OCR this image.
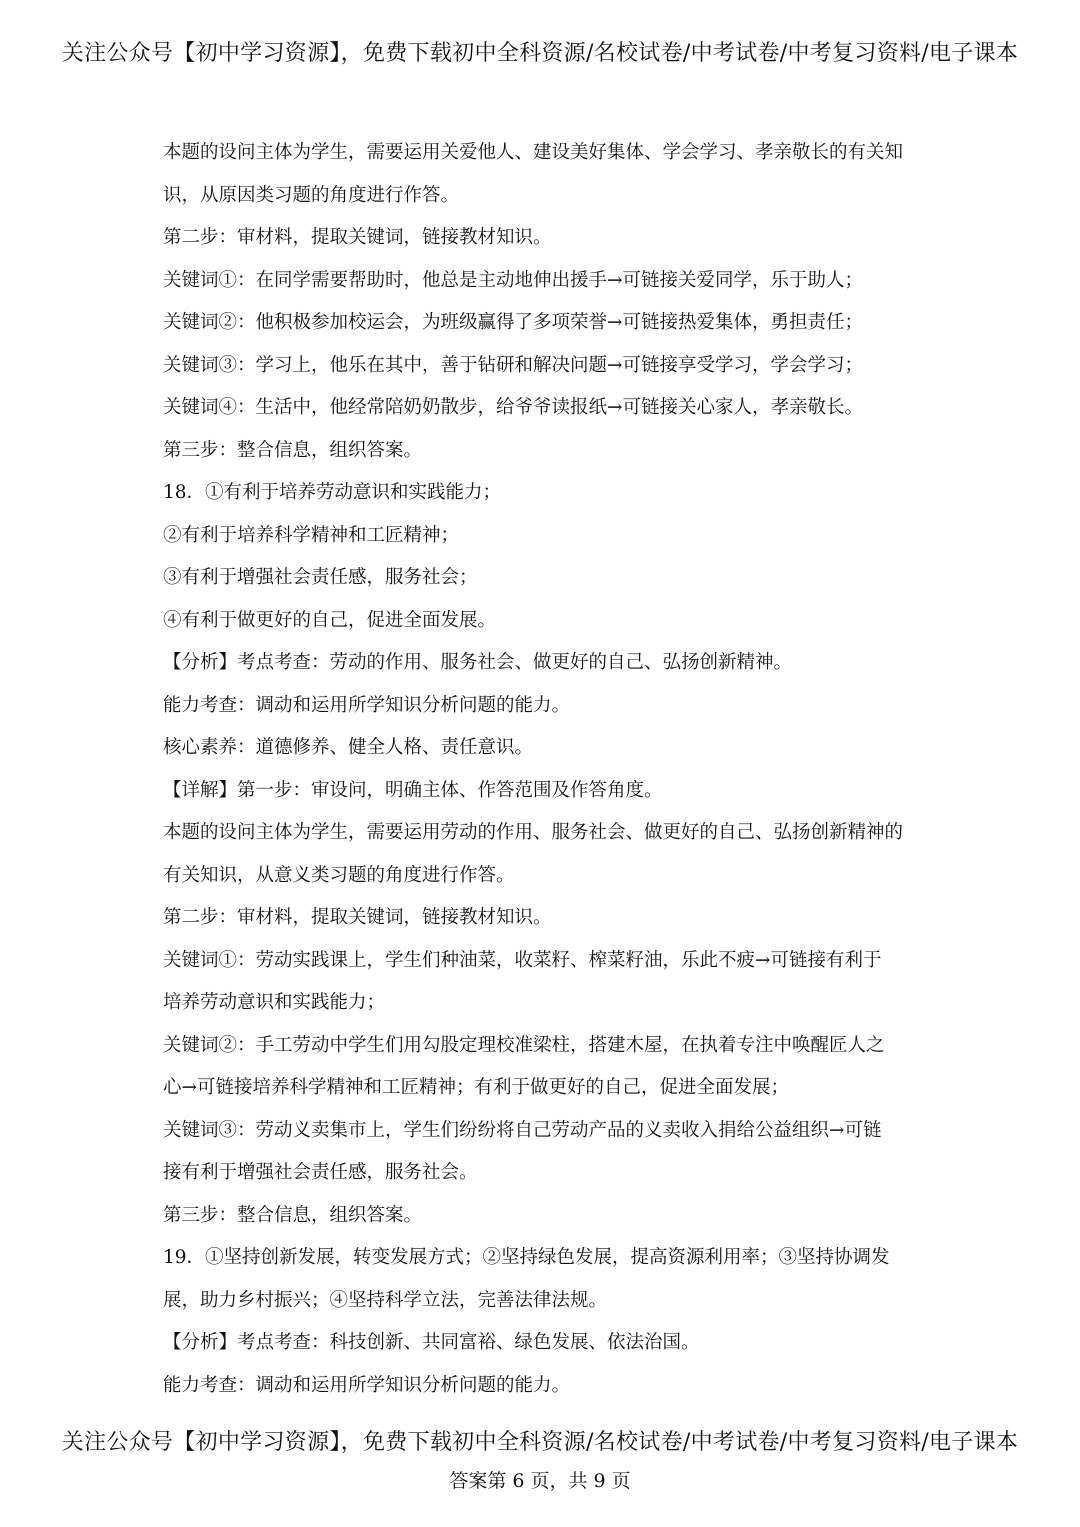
关注公众号【初中学习资源】，免费下载初中全科资源/名校试卷/中考试卷/中考复习资料/电子课本
本题的设问主体为学生，需要运用关爱他人、建设美好集体、学会学习、孝亲敬长的有关知
识，从原因类习题的角度进行作答。
第二步：审材料，提取关键词，链接教材知识。
关键词①：在同学需要帮助时，他总是主动地伸出援手→可链接关爱同学，乐于助人；
关键词②：他积极参加校运会，为班级赢得了多项荣誉→可链接热爱集体，勇担责任；
关键词③：学习上，他乐在其中，善于钻研和解决问题→可链接享受学习，学会学习；
关键词④：生活中，他经常陪奶奶散步，给爷爷读报纸→可链接关心家人，孝亲敬长。
第三步：整合信息，组织答案。
18．①有利于培养劳动意识和实践能力；
②有利于培养科学精神和工匠精神；
③有利于增强社会责任感，服务社会；
④有利于做更好的自己，促进全面发展。
【分析】考点考查：劳动的作用、服务社会、做更好的自己、弘扬创新精神。
能力考查：调动和运用所学知识分析问题的能力。
核心素养：道德修养、健全人格、责任意识。
【详解】第一步：审设问，明确主体、作答范围及作答角度。
本题的设问主体为学生，需要运用劳动的作用、服务社会、做更好的自己、弘扬创新精神的
有关知识，从意义类习题的角度进行作答。
第二步：审材料，提取关键词，链接教材知识。
关键词①：劳动实践课上，学生们种油菜，收菜籽、榨菜籽油，乐此不疲→可链接有利于
培养劳动意识和实践能力；
关键词②：手工劳动中学生们用勾股定理校准梁柱，搭建木屋，在执着专注中唤醒匠人之
心→可链接培养科学精神和工匠精神；有利于做更好的自己，促进全面发展；
关键词③：劳动义卖集市上，学生们纷纷将自己劳动产品的义卖收入捐给公益组织→可链
接有利于增强社会责任感，服务社会。
第三步：整合信息，组织答案。
19．①坚持创新发展，转变发展方式；②坚持绿色发展，提高资源利用率；③坚持协调发
展，助力乡村振兴；④坚持科学立法，完善法律法规。
【分析】考点考查：科技创新、共同富裕、绿色发展、依法治国。
能力考查：调动和运用所学知识分析问题的能力。
关注公众号【初中学习资源】，免费下载初中全科资源/名校试卷/中考试卷/中考复习资料/电子课本
答案第 6 页，共 9 页
